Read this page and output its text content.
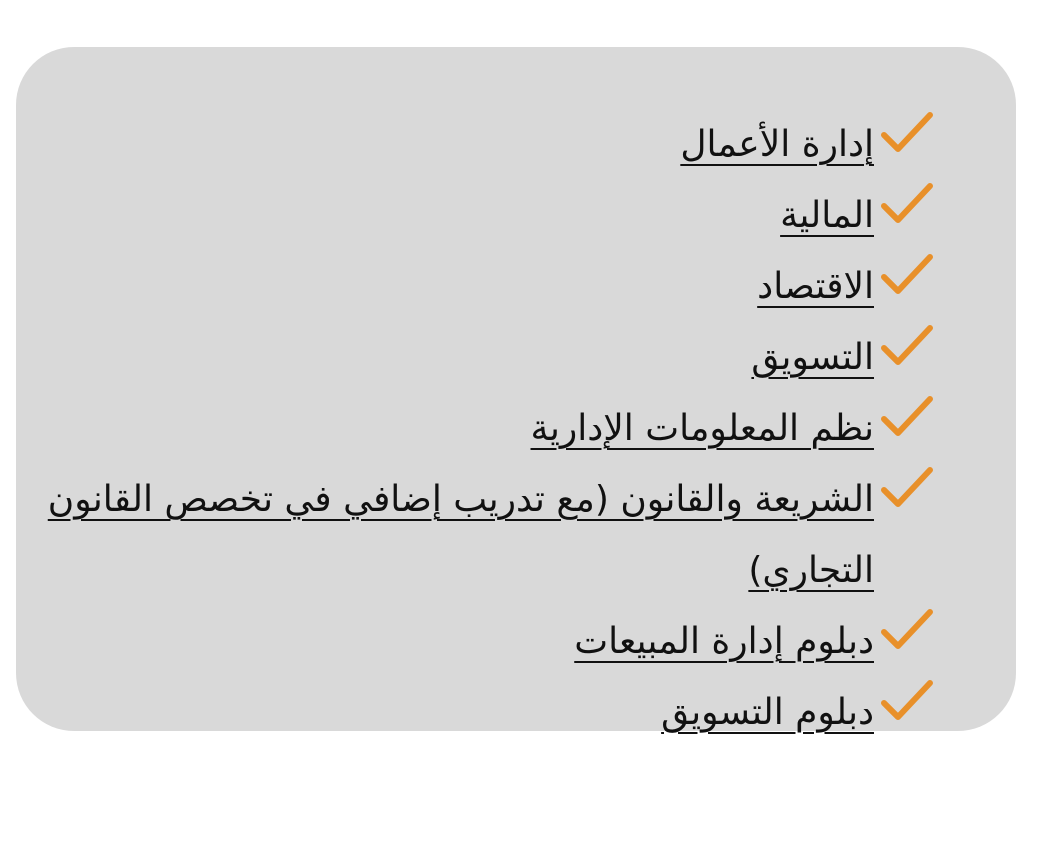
إدارة الأعمال
المالية
الاقتصاد
التسويق
نظم المعلومات الإدارية
الشريعة والقانون (مع تدريب إضافي في تخصص القانون التجاري)
دبلوم إدارة المبيعات
دبلوم التسويق
